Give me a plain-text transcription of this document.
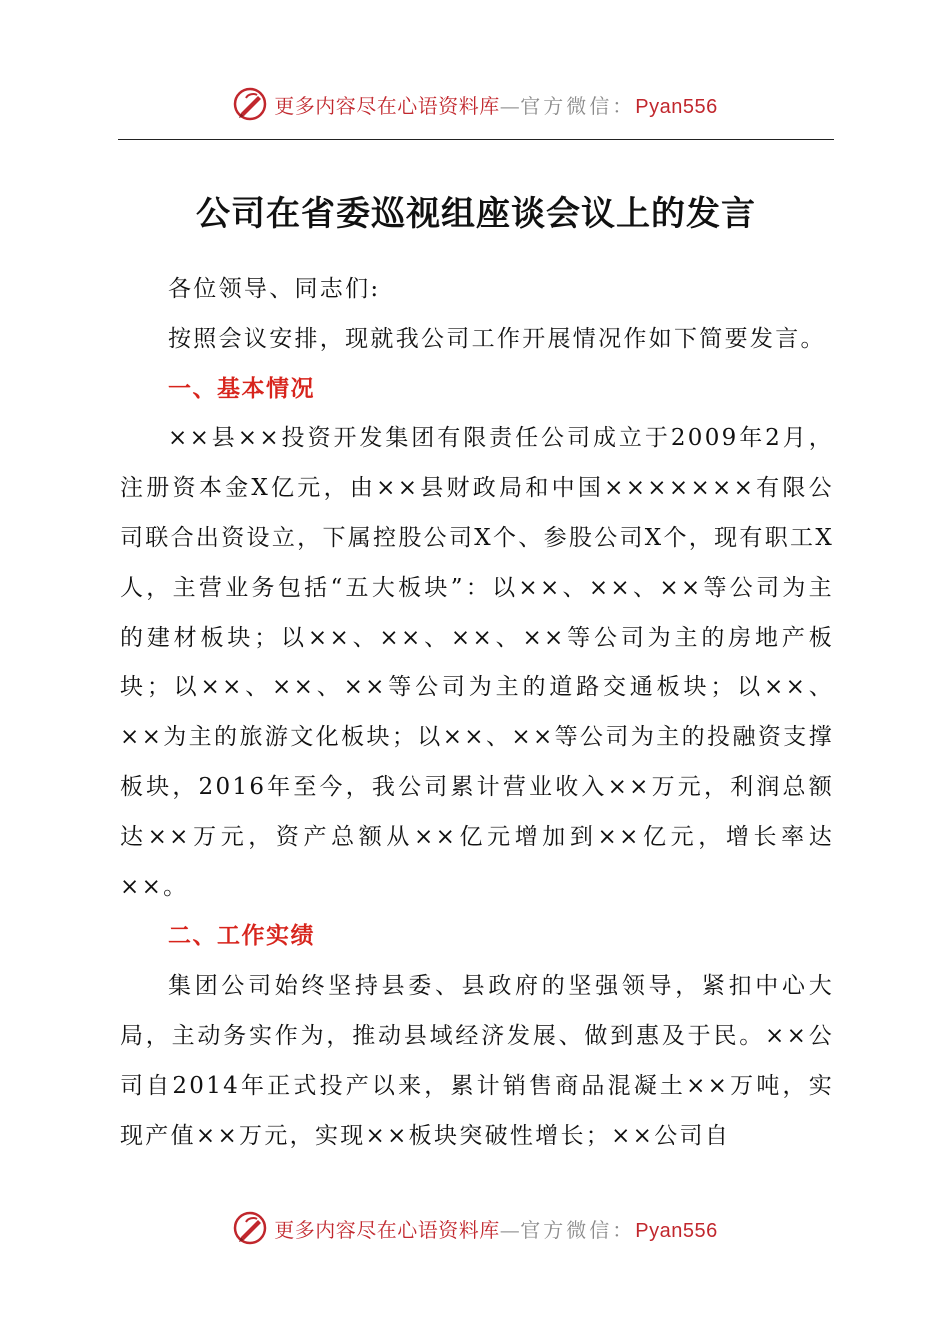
更多内容尽在心语资料库—官方微信：Pyan556
公司在省委巡视组座谈会议上的发言

各位领导、同志们:

按照会议安排，现就我公司工作开展情况作如下简要发言。

一、基本情况

××县××投资开发集团有限责任公司成立于2009年2月，注册资本金X亿元，由××县财政局和中国×××××××有限公司联合出资设立，下属控股公司X个、参股公司X个，现有职工X人，主营业务包括“五大板块”：以××、××、××等公司为主的建材板块；以××、××、××、××等公司为主的房地产板块；以××、××、××等公司为主的道路交通板块；以××、××为主的旅游文化板块；以××、××等公司为主的投融资支撑板块，2016年至今，我公司累计营业收入××万元，利润总额达××万元，资产总额从××亿元增加到××亿元，增长率达××。

二、工作实绩

集团公司始终坚持县委、县政府的坚强领导，紧扣中心大局，主动务实作为，推动县域经济发展、做到惠及于民。××公司自2014年正式投产以来，累计销售商品混凝土××万吨，实现产值××万元，实现××板块突破性增长；××公司自

更多内容尽在心语资料库—官方微信：Pyan556
